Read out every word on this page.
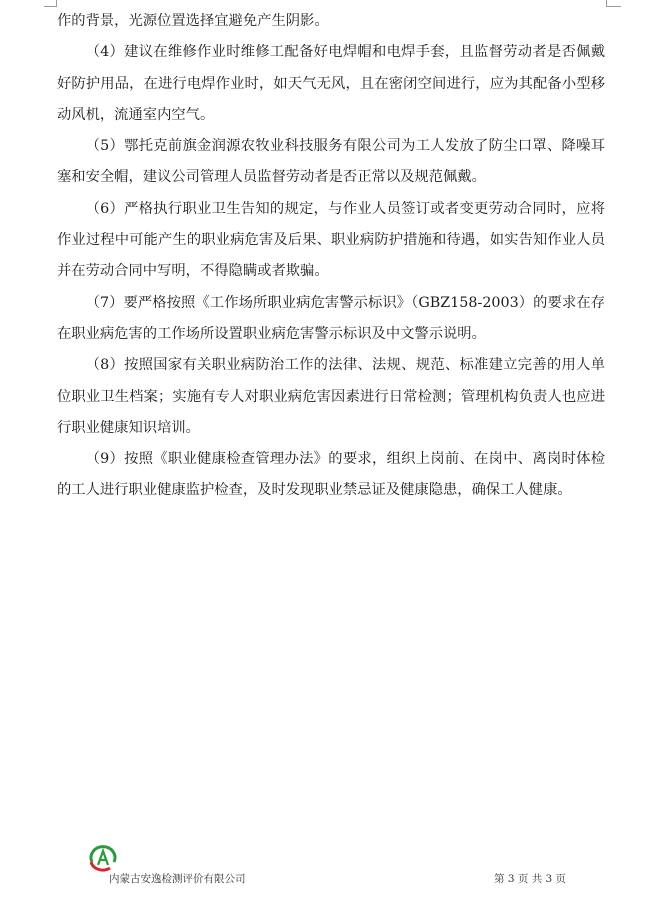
作的背景，光源位置选择宜避免产生阴影。

（4）建议在维修作业时维修工配备好电焊帽和电焊手套，且监督劳动者是否佩戴好防护用品，在进行电焊作业时，如天气无风，且在密闭空间进行，应为其配备小型移动风机，流通室内空气。

（5）鄂托克前旗金润源农牧业科技服务有限公司为工人发放了防尘口罩、降噪耳塞和安全帽，建议公司管理人员监督劳动者是否正常以及规范佩戴。

（6）严格执行职业卫生告知的规定，与作业人员签订或者变更劳动合同时，应将作业过程中可能产生的职业病危害及后果、职业病防护措施和待遇，如实告知作业人员并在劳动合同中写明，不得隐瞒或者欺骗。

（7）要严格按照《工作场所职业病危害警示标识》（GBZ158-2003）的要求在存在职业病危害的工作场所设置职业病危害警示标识及中文警示说明。

（8）按照国家有关职业病防治工作的法律、法规、规范、标准建立完善的用人单位职业卫生档案；实施有专人对职业病危害因素进行日常检测；管理机构负责人也应进行职业健康知识培训。

（9）按照《职业健康检查管理办法》的要求，组织上岗前、在岗中、离岗时体检的工人进行职业健康监护检查，及时发现职业禁忌证及健康隐患，确保工人健康。

内蒙古安逸检测评价有限公司	第 3 页 共 3 页
